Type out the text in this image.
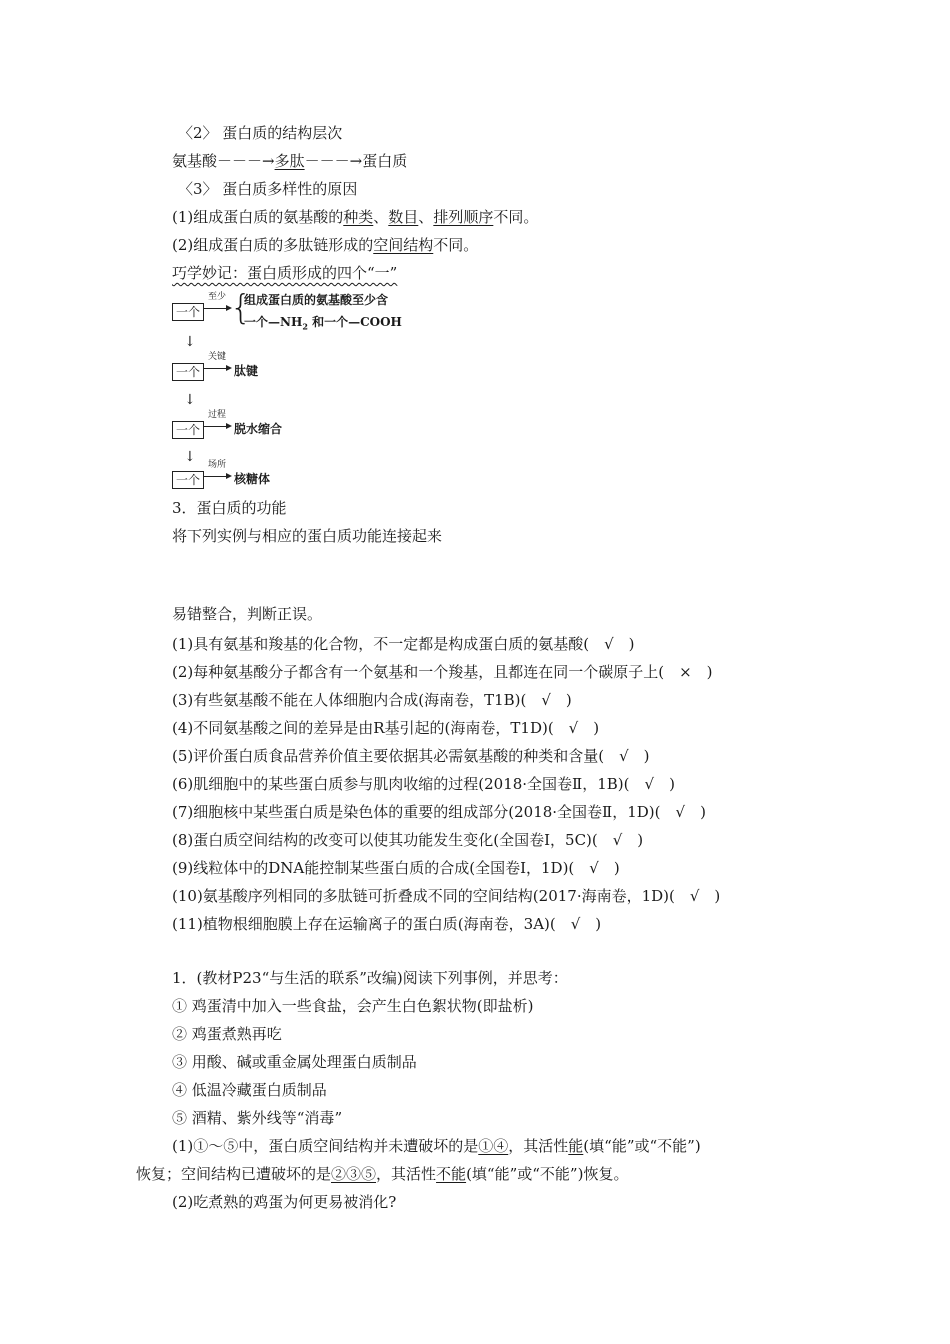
〈2〉 蛋白质的结构层次
氨基酸－－－→多肽－－－→蛋白质
〈3〉 蛋白质多样性的原因
(1)组成蛋白质的氨基酸的种类、数目、排列顺序不同。
(2)组成蛋白质的多肽链形成的空间结构不同。
巧学妙记：蛋白质形成的四个“一”
一个
至少 {
组成蛋白质的氨基酸至少含
一个$—NH_2$ 和一个—COOH
↓
一个
关键
肽键
↓
一个
过程
脱水缩合
↓
一个
场所
核糖体
3．蛋白质的功能
将下列实例与相应的蛋白质功能连接起来
易错整合，判断正误。
(1)具有氨基和羧基的化合物，不一定都是构成蛋白质的氨基酸(　√　)
(2)每种氨基酸分子都含有一个氨基和一个羧基，且都连在同一个碳原子上(　×　)
(3)有些氨基酸不能在人体细胞内合成(海南卷，T1B)(　√　)
(4)不同氨基酸之间的差异是由R基引起的(海南卷，T1D)(　√　)
(5)评价蛋白质食品营养价值主要依据其必需氨基酸的种类和含量(　√　)
(6)肌细胞中的某些蛋白质参与肌肉收缩的过程(2018·全国卷Ⅱ，1B)(　√　)
(7)细胞核中某些蛋白质是染色体的重要的组成部分(2018·全国卷Ⅱ，1D)(　√　)
(8)蛋白质空间结构的改变可以使其功能发生变化(全国卷Ⅰ，5C)(　√　)
(9)线粒体中的DNA能控制某些蛋白质的合成(全国卷Ⅰ，1D)(　√　)
(10)氨基酸序列相同的多肽链可折叠成不同的空间结构(2017·海南卷，1D)(　√　)
(11)植物根细胞膜上存在运输离子的蛋白质(海南卷，3A)(　√　)
1．(教材P23“与生活的联系”改编)阅读下列事例，并思考：
① 鸡蛋清中加入一些食盐，会产生白色絮状物(即盐析)
② 鸡蛋煮熟再吃
③ 用酸、碱或重金属处理蛋白质制品
④ 低温冷藏蛋白质制品
⑤ 酒精、紫外线等“消毒”
(1)①～⑤中，蛋白质空间结构并未遭破坏的是①④，其活性能(填“能”或“不能”)
恢复；空间结构已遭破坏的是②③⑤，其活性不能(填“能”或“不能”)恢复。
(2)吃煮熟的鸡蛋为何更易被消化?
